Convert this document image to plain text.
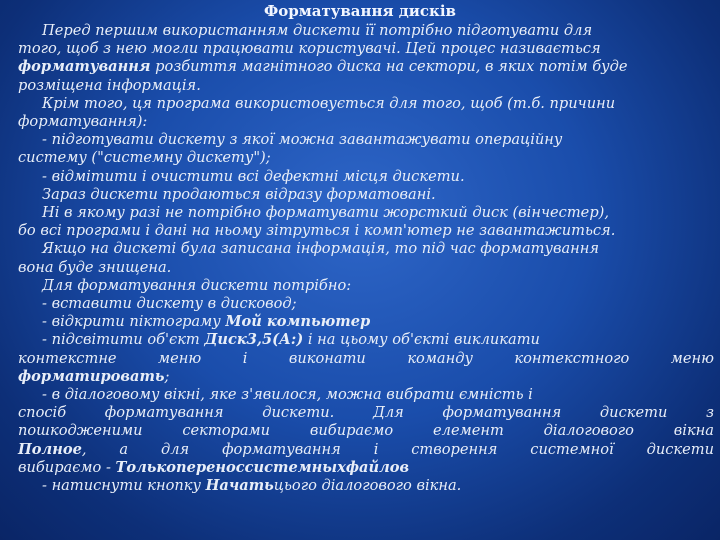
Форматування дисків

Перед першим використанням дискети її потрібно підготувати для

того, щоб з нею могли працювати користувачі. Цей процес називається

форматування розбиття магнітного диска на сектори, в яких потім буде

розміщена інформація.

Крім того, ця програма використовується для того, щоб (т.б. причини

форматування):

- підготувати дискету з якої можна завантажувати операційну

систему ("системну дискету");

- відмітити і очистити всі дефектні місця дискети.

Зараз дискети продаються відразу форматовані.

Ні в якому разі не потрібно форматувати жорсткий диск (вінчестер),

бо всі програми і дані на ньому зітруться і комп'ютер не завантажиться.

Якщо на дискеті була записана інформація, то під час форматування

вона буде знищена.

Для форматування дискети потрібно:

- вставити дискету в дисковод;

- відкрити піктограму Мой компьютер

- підсвітити об'єкт Диск3,5(А:) і на цьому об'єкті викликати

контекстне меню і виконати команду контекстного меню

форматировать;

- в діалоговому вікні, яке з'явилося, можна вибрати ємність і

спосіб форматування дискети. Для форматування дискети з

пошкодженими секторами вибираємо елемент діалогового вікна

Полное, а для форматування і створення системної дискети

вибираємо - Толькопереноссистемныхфайлов

- натиснути кнопку Начатьцього діалогового вікна.
